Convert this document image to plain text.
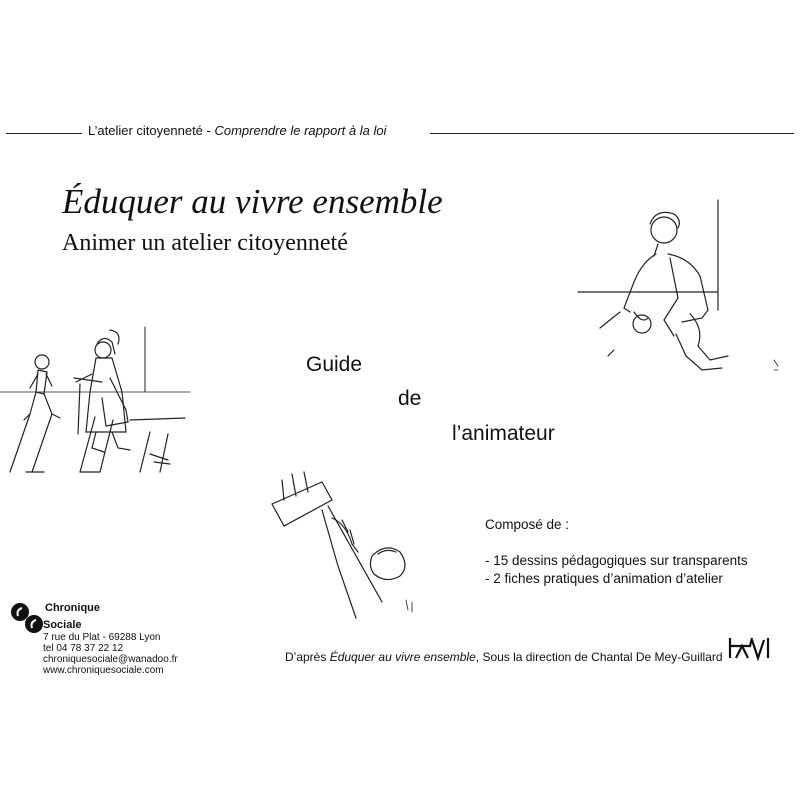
L’atelier citoyenneté - Comprendre le rapport à la loi
Éduquer au vivre ensemble
Animer un atelier citoyenneté
Guide
de
l’animateur
Composé de :
- 15 dessins pédagogiques sur transparents
- 2 fiches pratiques d’animation d’atelier
Chronique
Sociale
7 rue du Plat - 69288 Lyon
tel 04 78 37 22 12
chroniquesociale@wanadoo.fr
www.chroniquesociale.com
D’après Éduquer au vivre ensemble, Sous la direction de Chantal De Mey-Guillard
